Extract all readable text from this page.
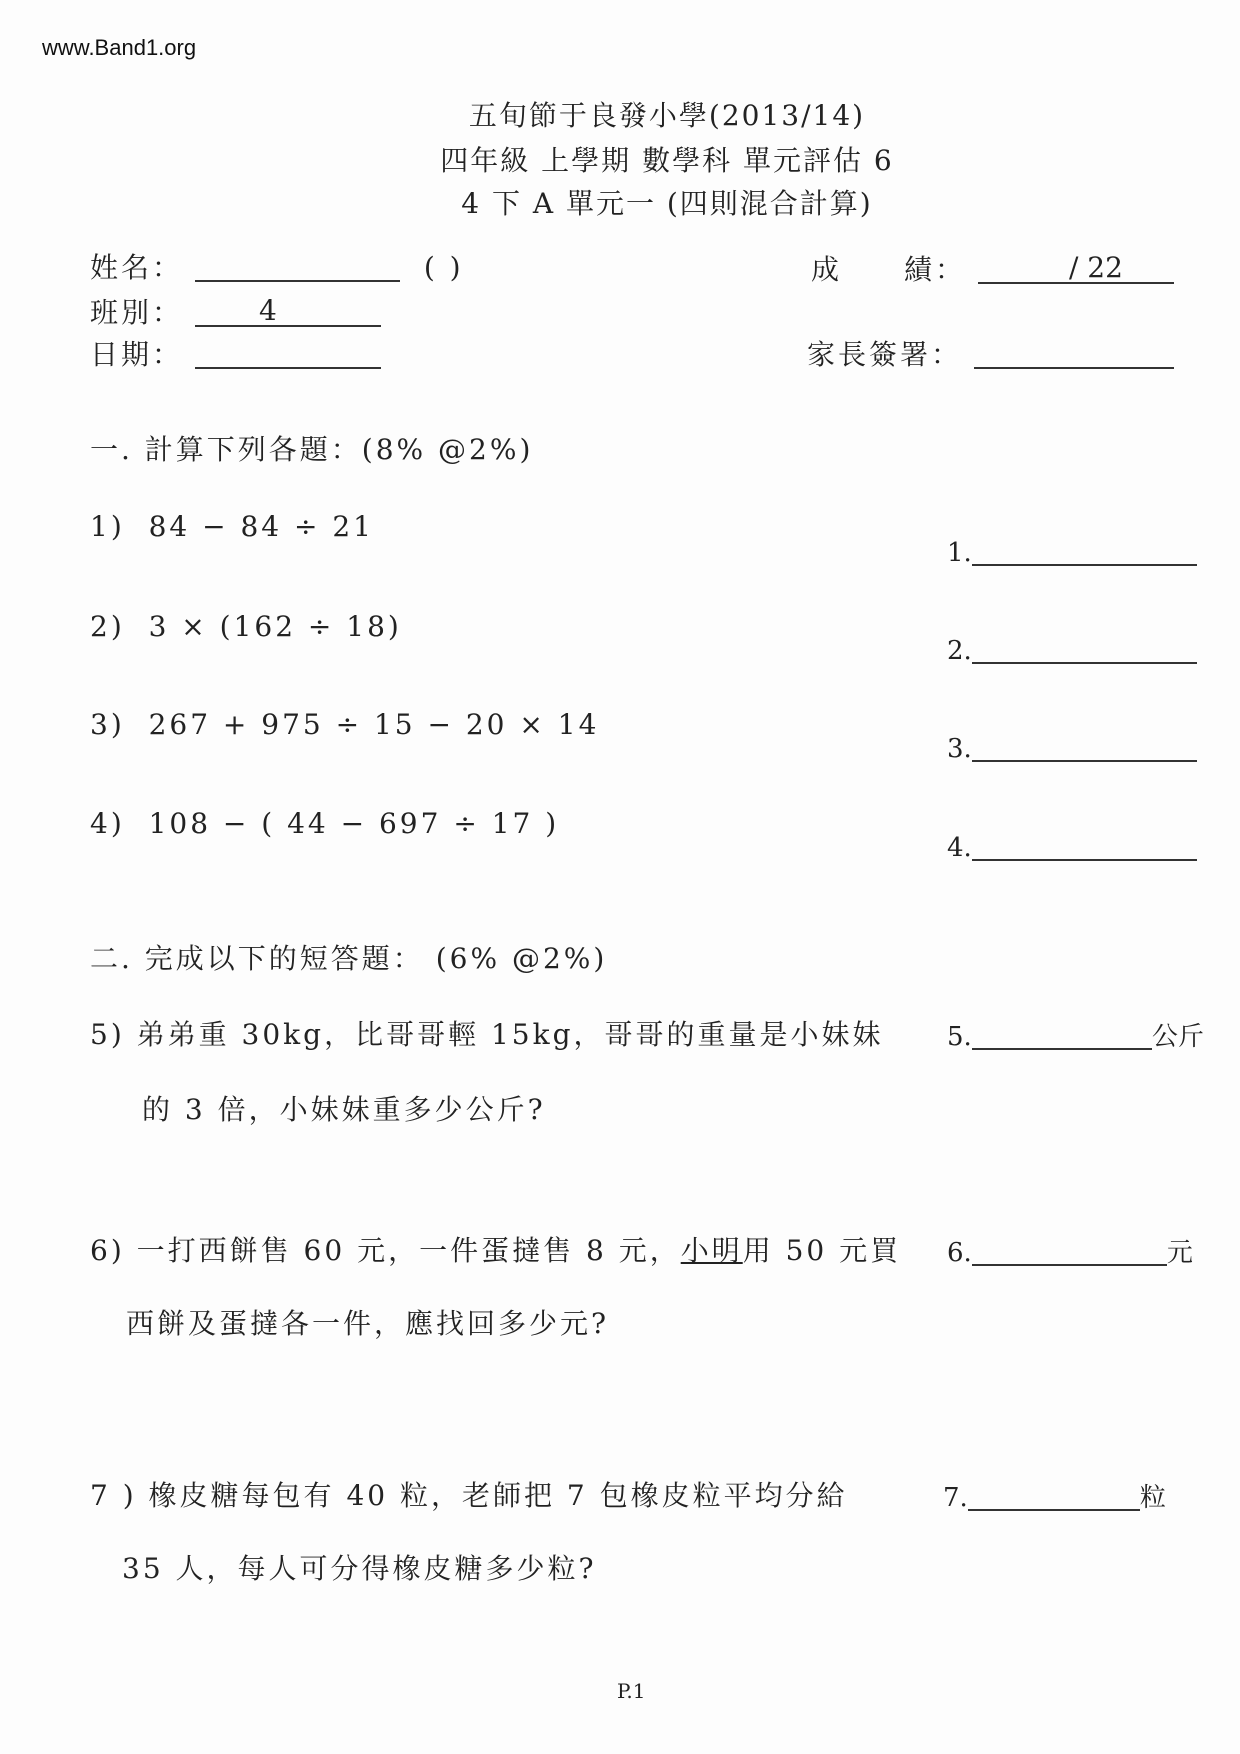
www.Band1.org
五旬節于良發小學(2013/14)
四年級 上學期 數學科 單元評估 6
4 下 A 單元一 (四則混合計算)
姓名：	( )
班別：	4
日期：
成　　績：	/ 22
家長簽署：
一. 計算下列各題：(8% @2%)
1) 84 − 84 ÷ 21
1.
2) 3 × (162 ÷ 18)
2.
3) 267 + 975 ÷ 15 − 20 × 14
3.
4) 108 − ( 44 − 697 ÷ 17 )
4.
二. 完成以下的短答題： (6% @2%)
5) 弟弟重 30kg，比哥哥輕 15kg，哥哥的重量是小妹妹
的 3 倍，小妹妹重多少公斤?
5.	公斤
6) 一打西餅售 60 元，一件蛋撻售 8 元，小明用 50 元買
西餅及蛋撻各一件，應找回多少元?
6.	元
7 ) 橡皮糖每包有 40 粒，老師把 7 包橡皮粒平均分給
35 人，每人可分得橡皮糖多少粒?
7.	粒
P.1
